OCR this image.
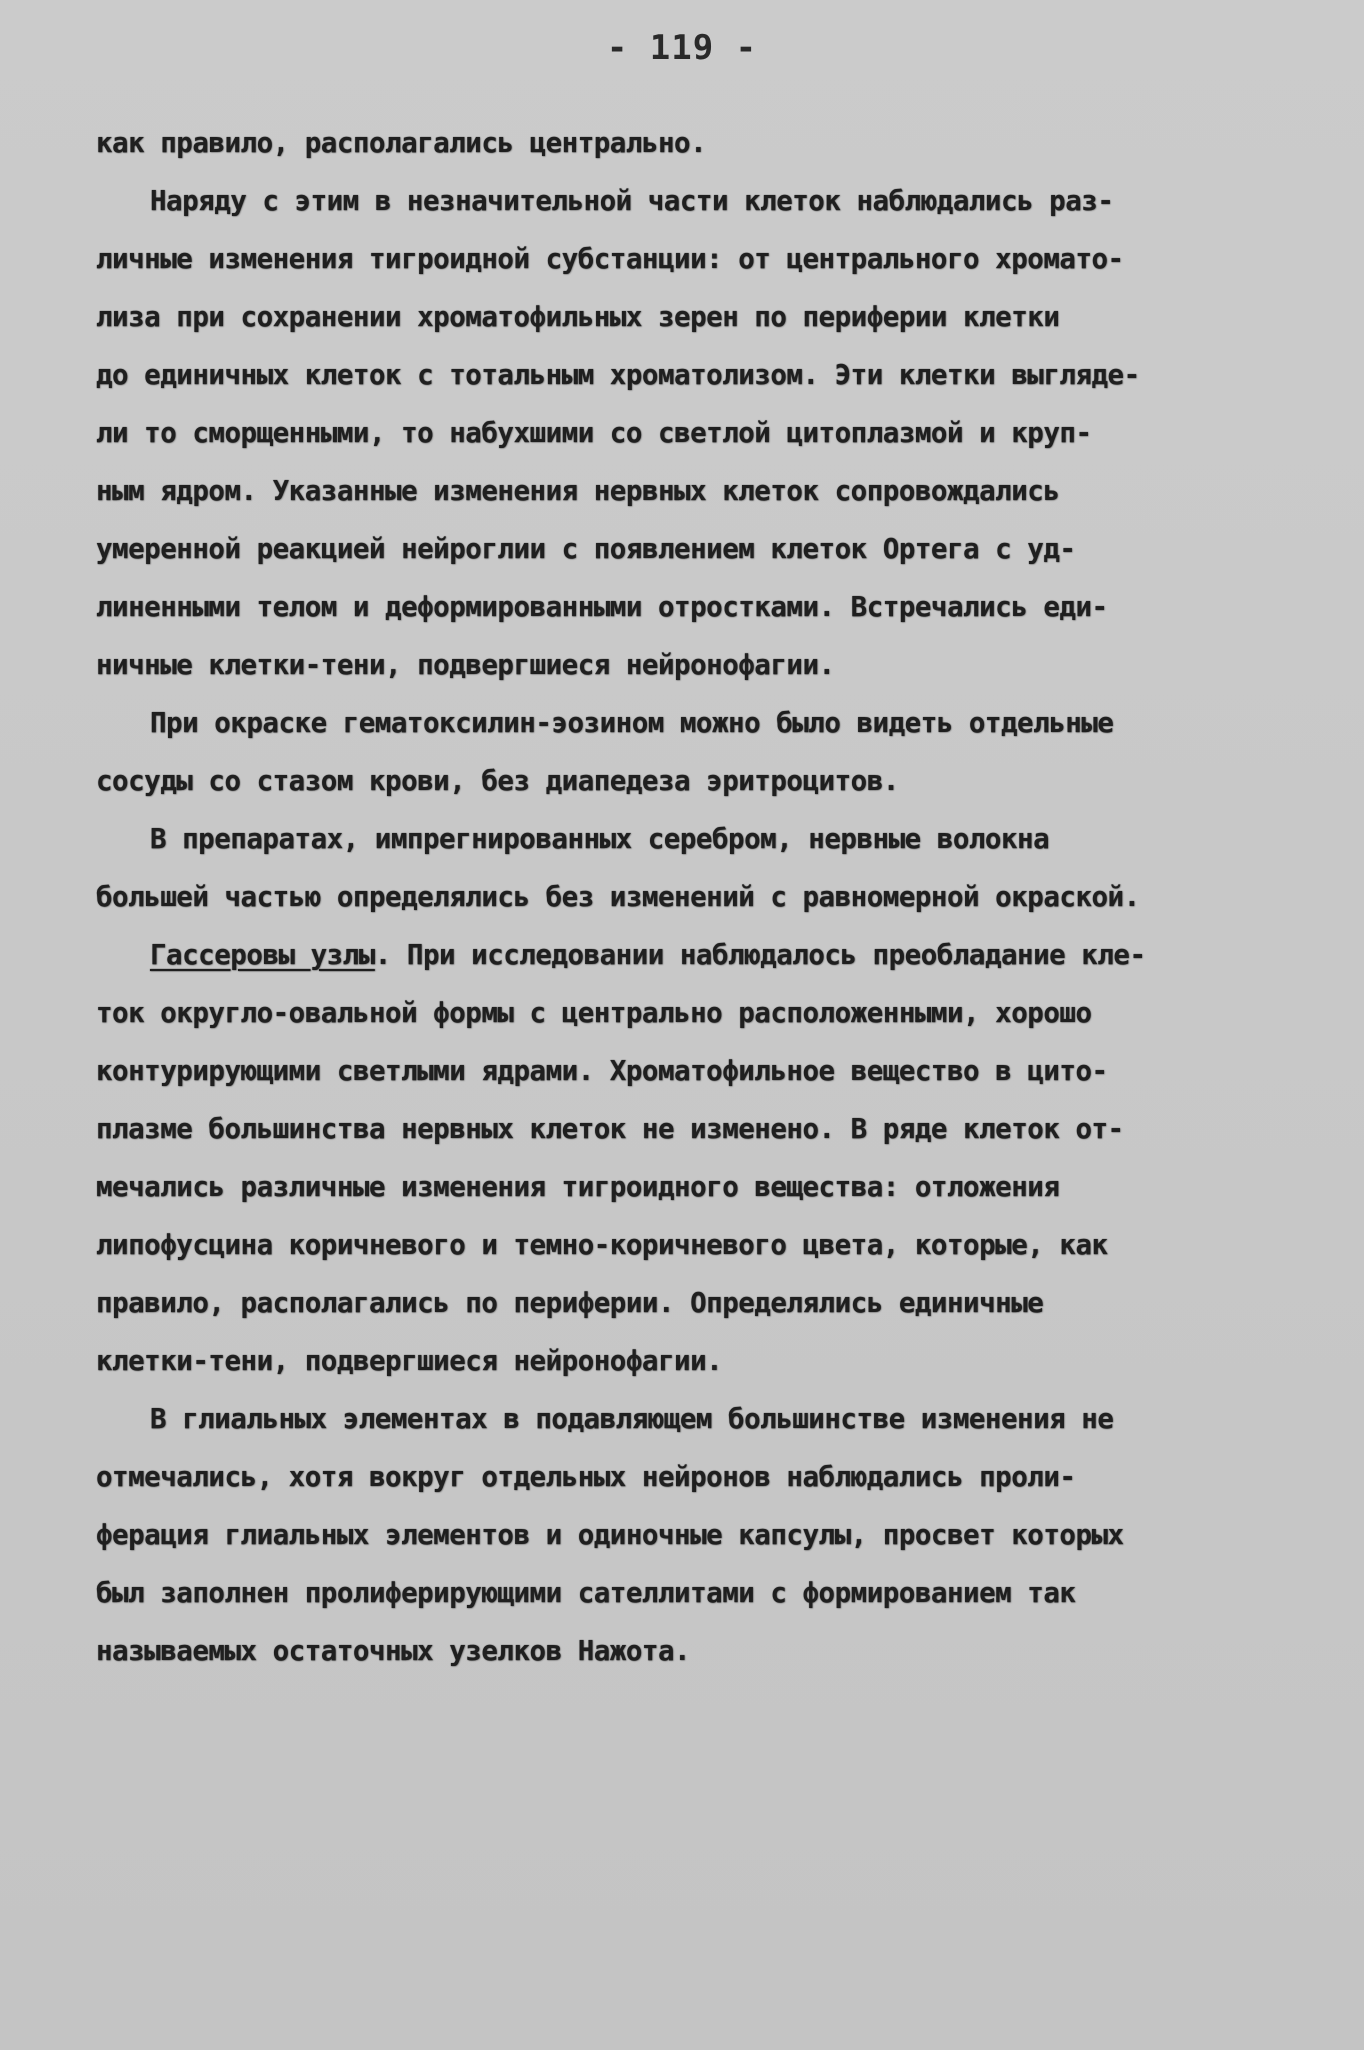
- 119 -
как правило, располагались центрально.
Наряду с этим в незначительной части клеток наблюдались раз-
личные изменения тигроидной субстанции: от центрального хромато-
лиза при сохранении хроматофильных зерен по периферии клетки
до единичных клеток с тотальным хроматолизом. Эти клетки выгляде-
ли то сморщенными, то набухшими со светлой цитоплазмой и круп-
ным ядром. Указанные изменения нервных клеток сопровождались
умеренной реакцией нейроглии с появлением клеток Ортега с уд-
линенными телом и деформированными отростками. Встречались еди-
ничные клетки-тени, подвергшиеся нейронофагии.
При окраске гематоксилин-эозином можно было видеть отдельные
сосуды со стазом крови, без диапедеза эритроцитов.
В препаратах, импрегнированных серебром, нервные волокна
большей частью определялись без изменений с равномерной окраской.
Гассеровы узлы. При исследовании наблюдалось преобладание кле-
ток округло-овальной формы с центрально расположенными, хорошо
контурирующими светлыми ядрами. Хроматофильное вещество в цито-
плазме большинства нервных клеток не изменено. В ряде клеток от-
мечались различные изменения тигроидного вещества: отложения
липофусцина коричневого и темно-коричневого цвета, которые, как
правило, располагались по периферии. Определялись единичные
клетки-тени, подвергшиеся нейронофагии.
В глиальных элементах в подавляющем большинстве изменения не
отмечались, хотя вокруг отдельных нейронов наблюдались проли-
ферация глиальных элементов и одиночные капсулы, просвет которых
был заполнен пролиферирующими сателлитами с формированием так
называемых остаточных узелков Нажота.
